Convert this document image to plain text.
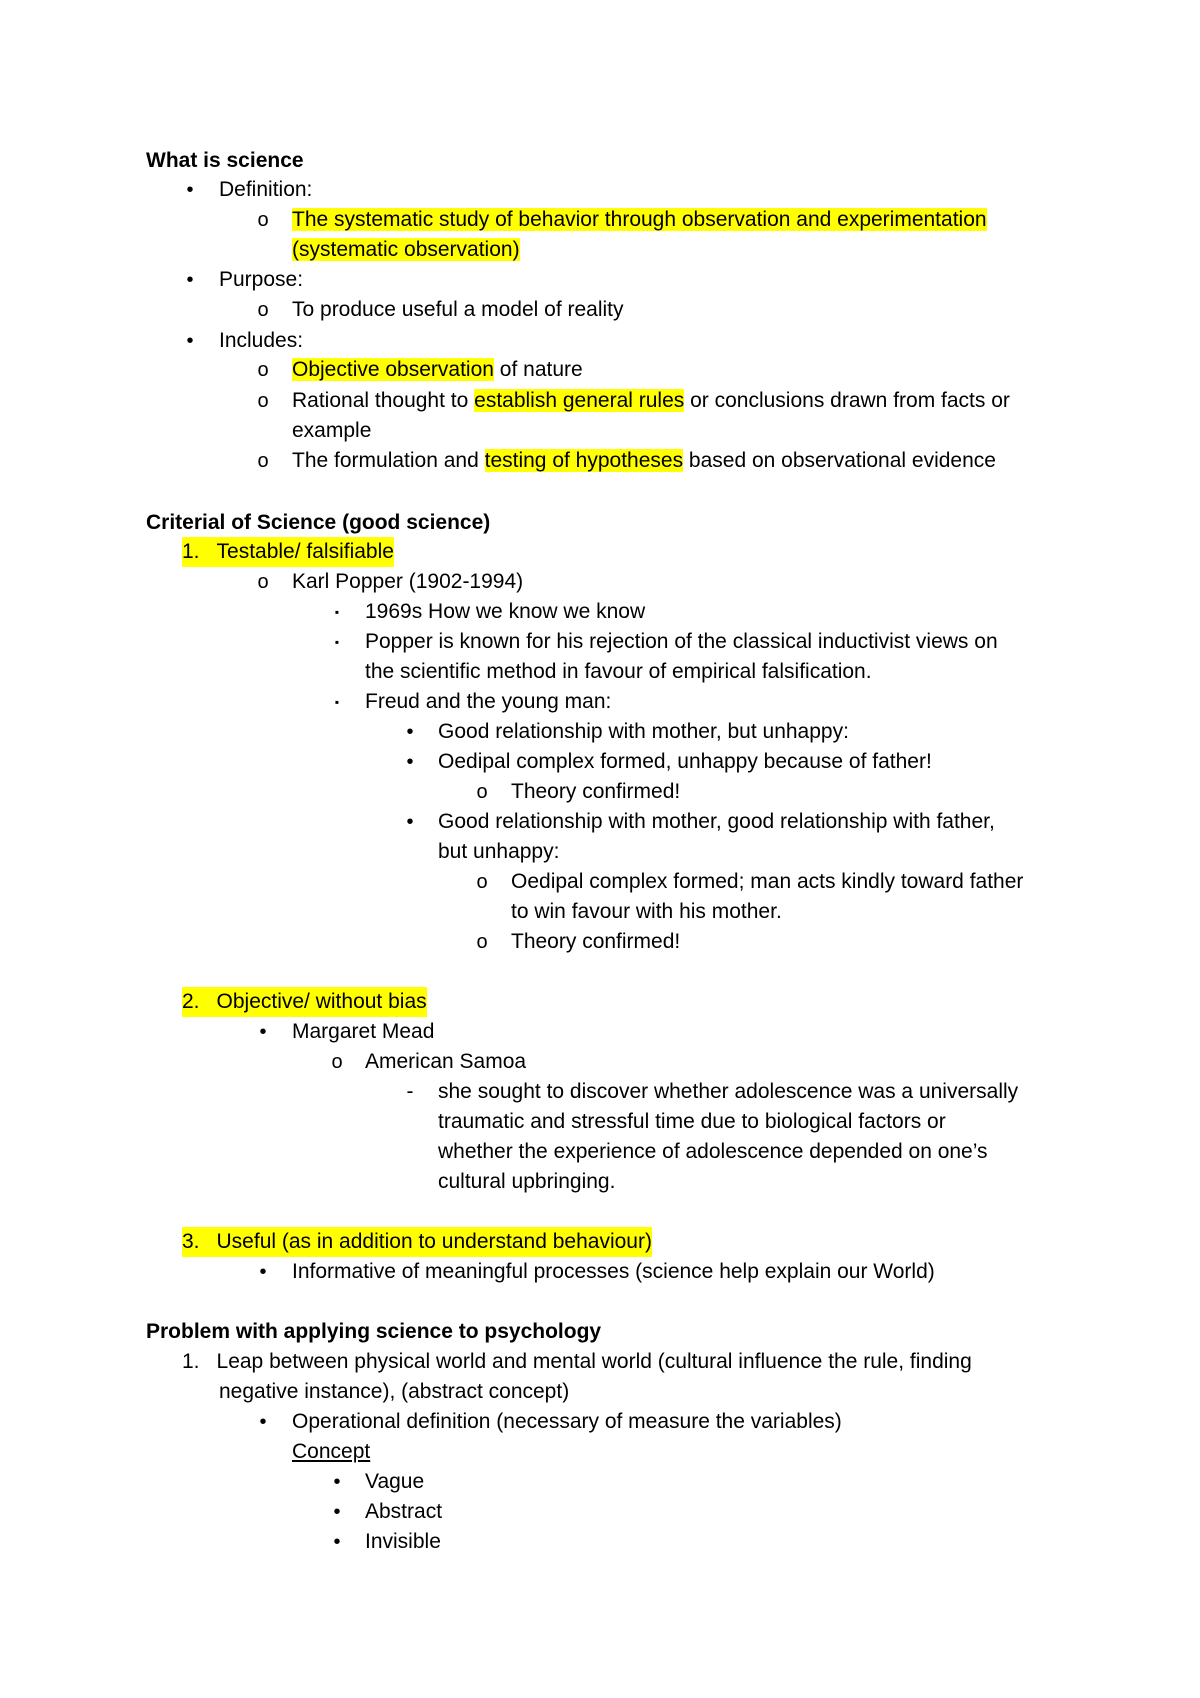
What is science
•	Definition:
o The systematic study of behavior through observation and experimentation
(systematic observation)
•	Purpose:
o To produce useful a model of reality
•	Includes:
o Objective observation of nature
o Rational thought to establish general rules or conclusions drawn from facts or
example
o The formulation and testing of hypotheses based on observational evidence
Criterial of Science (good science)
1. Testable/ falsifiable
o Karl Popper (1902-1994)
▪	1969s How we know we know
▪	Popper is known for his rejection of the classical inductivist views on
the scientific method in favour of empirical falsification.
▪	Freud and the young man:
•	Good relationship with mother, but unhappy:
•	Oedipal complex formed, unhappy because of father!
o Theory confirmed!
•	Good relationship with mother, good relationship with father,
but unhappy:
o Oedipal complex formed; man acts kindly toward father
to win favour with his mother.
o Theory confirmed!
2. Objective/ without bias
•	Margaret Mead
o American Samoa
-	she sought to discover whether adolescence was a universally
traumatic and stressful time due to biological factors or
whether the experience of adolescence depended on one’s
cultural upbringing.
3. Useful (as in addition to understand behaviour)
•	Informative of meaningful processes (science help explain our World)
Problem with applying science to psychology
1. Leap between physical world and mental world (cultural influence the rule, finding
negative instance), (abstract concept)
•	Operational definition (necessary of measure the variables)
Concept
•	Vague
•	Abstract
•	Invisible
